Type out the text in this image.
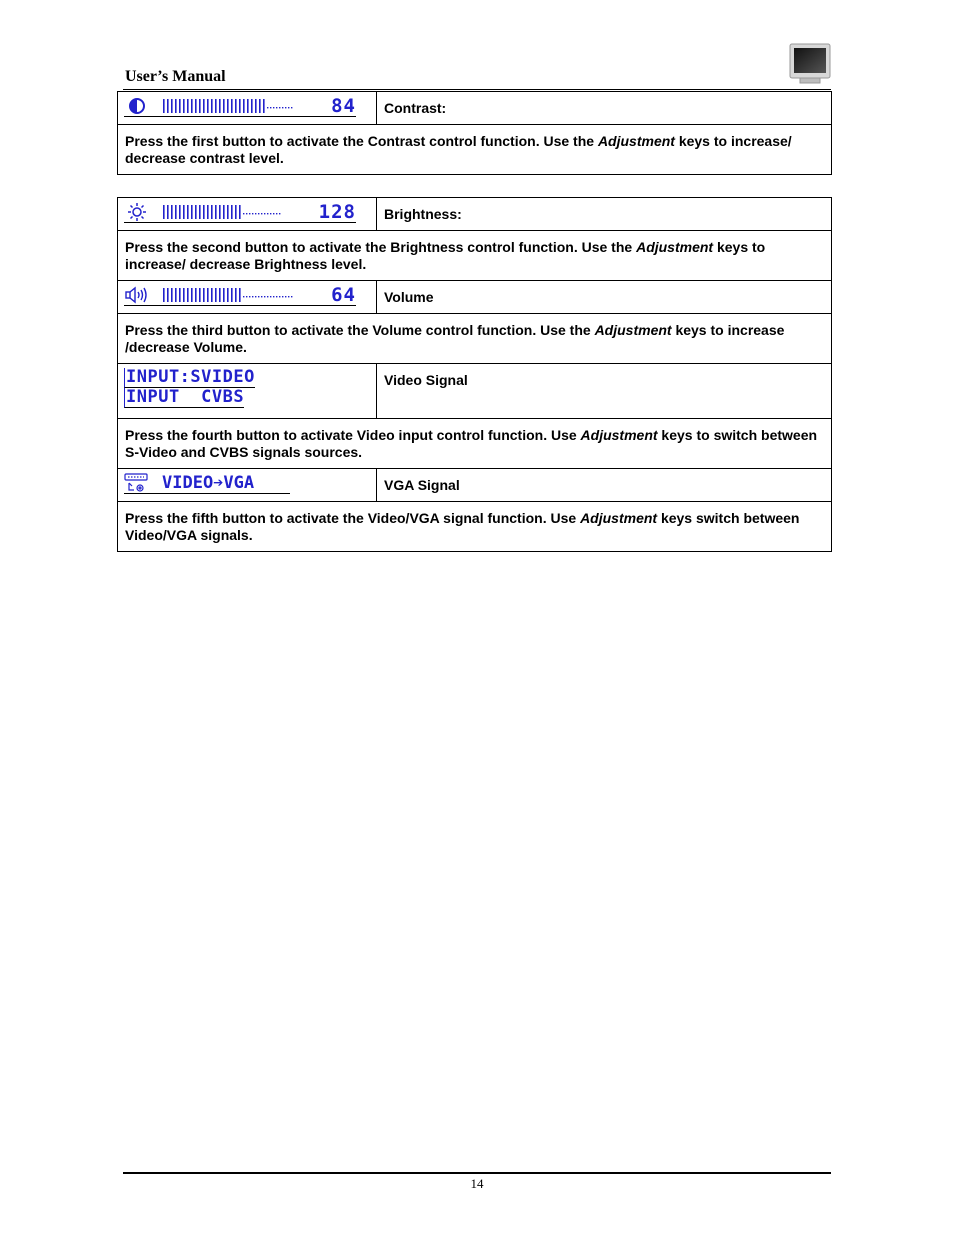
User’s Manual
84	Contrast:
Press the first button to activate the Contrast control function. Use the Adjustment keys to increase/ decrease contrast level.
128	Brightness:
Press the second button to activate the Brightness control function. Use the Adjustment keys to increase/ decrease Brightness level.	

64	Volume
Press the third button to activate the Volume control function. Use the Adjustment keys to increase /decrease Volume.	
INPUT:SVIDEO
INPUT  CVBS	Video Signal
Press the fourth button to activate Video input control function. Use Adjustment keys to switch between S-Video and CVBS signals sources.	

VIDEO➔VGA	VGA Signal
Press the fifth button to activate the Video/VGA signal function. Use Adjustment keys switch between Video/VGA signals.	
14
